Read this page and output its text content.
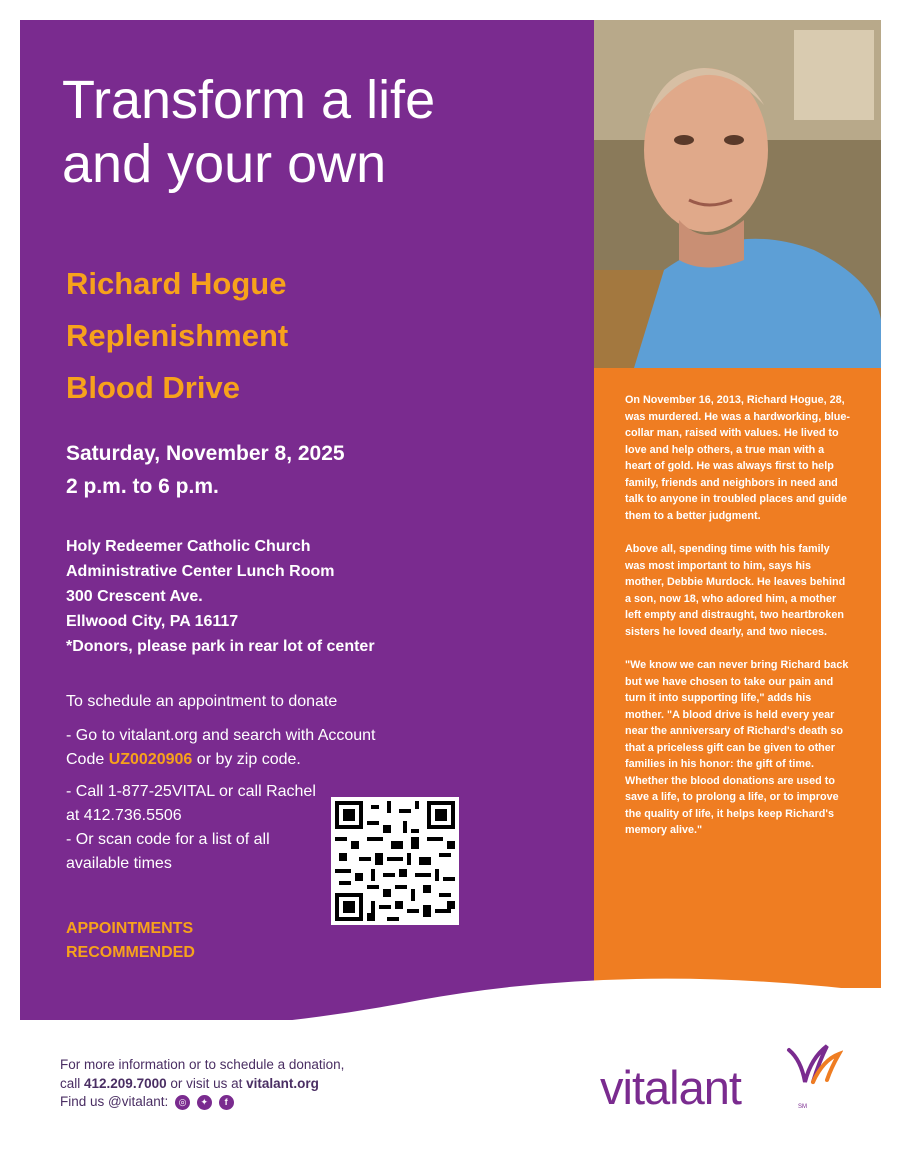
Transform a life
and your own
Richard Hogue
Replenishment
Blood Drive
Saturday, November 8, 2025
2 p.m. to 6 p.m.
Holy Redeemer Catholic Church
Administrative Center Lunch Room
300 Crescent Ave.
Ellwood City, PA 16117
*Donors, please park in rear lot of center

To schedule an appointment to donate

- Go to vitalant.org and search with Account Code UZ0020906 or by zip code.

- Call 1-877-25VITAL or call Rachel at 412.736.5506
- Or scan code for a list of all available times
APPOINTMENTS
RECOMMENDED

On November 16, 2013, Richard Hogue, 28, was murdered. He was a hardworking, blue-collar man, raised with values. He lived to love and help others, a true man with a heart of gold. He was always first to help family, friends and neighbors in need and talk to anyone in troubled places and guide them to a better judgment.

Above all, spending time with his family was most important to him, says his mother, Debbie Murdock. He leaves behind a son, now 18, who adored him, a mother left empty and distraught, two heartbroken sisters he loved dearly, and two nieces.

"We know we can never bring Richard back but we have chosen to take our pain and turn it into supporting life," adds his mother. "A blood drive is held every year near the anniversary of Richard's death so that a priceless gift can be given to other families in his honor: the gift of time. Whether the blood donations are used to save a life, to prolong a life, or to improve the quality of life, it helps keep Richard's memory alive."

For more information or to schedule a donation,
call 412.209.7000 or visit us at vitalant.org
Find us @vitalant: ◎ ✦ f	vitalant	SM
